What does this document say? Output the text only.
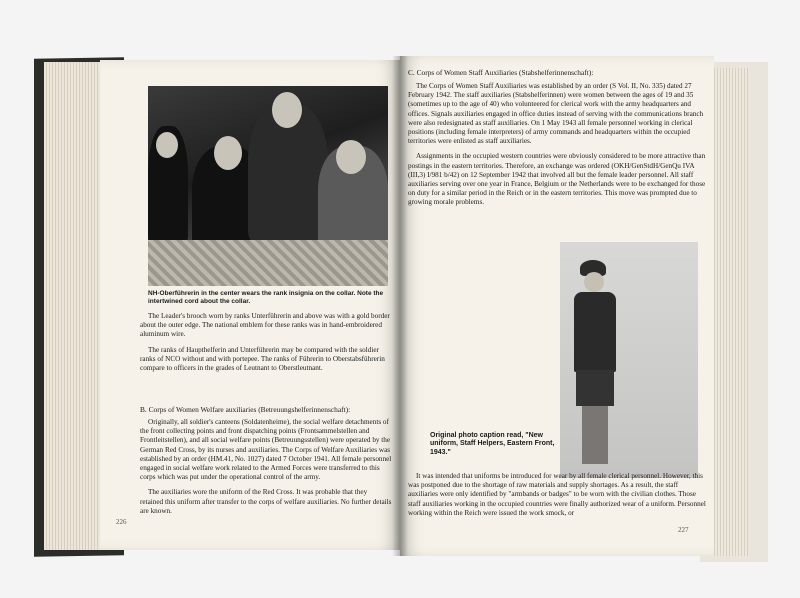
NH-Oberführerin in the center wears the rank insignia on the collar. Note the intertwined cord about the collar.

The Leader's brooch worn by ranks Unterführerin and above was with a gold border about the outer edge. The national emblem for these ranks was in hand-embroidered aluminum wire.

The ranks of Haupthelferin and Unterführerin may be compared with the soldier ranks of NCO without and with portepee. The ranks of Führerin to Oberstabsführerin compare to officers in the grades of Leutnant to Oberstleutnant.

B. Corps of Women Welfare auxiliaries (Betreuungshelferinnenschaft):

Originally, all soldier's canteens (Soldatenheime), the social welfare detachments of the front collecting points and front dispatching points (Frontsammelstellen and Frontleitstellen), and all social welfare points (Betreuungsstellen) were operated by the German Red Cross, by its nurses and auxiliaries. The Corps of Welfare Auxiliaries was established by an order (HM.41, No. 1027) dated 7 October 1941. All female personnel engaged in social welfare work related to the Armed Forces were transferred to this corps which was put under the operational control of the army.

The auxiliaries wore the uniform of the Red Cross. It was probable that they retained this uniform after transfer to the corps of welfare auxiliaries. No further details are known.

226
C. Corps of Women Staff Auxiliaries (Stabshelferinnenschaft):

The Corps of Women Staff Auxiliaries was established by an order (S Vol. II, No. 335) dated 27 February 1942. The staff auxiliaries (Stabshelferinnen) were women between the ages of 19 and 35 (sometimes up to the age of 40) who volunteered for clerical work with the army headquarters and offices. Signals auxiliaries engaged in office duties instead of serving with the communications branch were also redesignated as staff auxiliaries. On 1 May 1943 all female personnel working in clerical positions (including female interpreters) of army commands and headquarters within the occupied territories were enlisted as staff auxiliaries.

Assignments in the occupied western countries were obviously considered to be more attractive than postings in the eastern territories. Therefore, an exchange was ordered (OKH/GenStdH/GenQu IVA (III,3) I/981 b/42) on 12 September 1942 that involved all but the female leader personnel. All staff auxiliaries serving over one year in France, Belgium or the Netherlands were to be exchanged for those on duty for a similar period in the Reich or in the eastern territories. This move was prompted due to growing morale problems.

Original photo caption read, "New uniform, Staff Helpers, Eastern Front, 1943."

It was intended that uniforms be introduced for wear by all female clerical personnel. However, this was postponed due to the shortage of raw materials and supply shortages. As a result, the staff auxiliaries were only identified by "armbands or badges" to be worn with the civilian clothes. Those staff auxiliaries working in the occupied countries were finally authorized wear of a uniform. Personnel working within the Reich were issued the work smock, or

227
